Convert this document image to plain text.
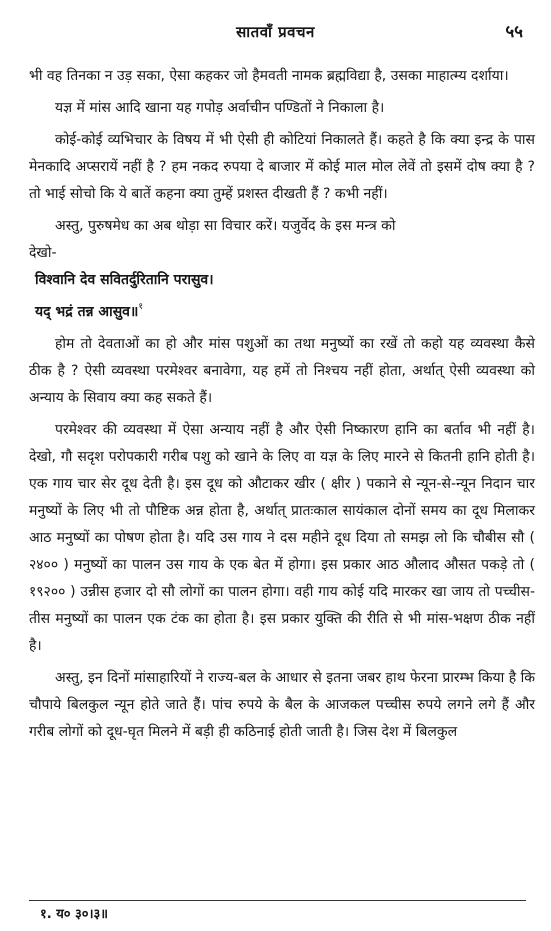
सातवाँ प्रवचन	५५

भी वह तिनका न उड़ सका, ऐसा कहकर जो हैमवती नामक ब्रह्मविद्या है, उसका माहात्म्य दर्शाया।

यज्ञ में मांस आदि खाना यह गपोड़ अर्वाचीन पण्डितों ने निकाला है।

कोई-कोई व्यभिचार के विषय में भी ऐसी ही कोटियां निकालते हैं। कहते है कि क्या इन्द्र के पास मेनकादि अप्सरायें नहीं है ? हम नकद रुपया दे बाजार में कोई माल मोल लेवें तो इसमें दोष क्या है ? तो भाई सोचो कि ये बातें कहना क्या तुम्हें प्रशस्त दीखती हैं ? कभी नहीं।

अस्तु, पुरुषमेध का अब थोड़ा सा विचार करें। यजुर्वेद के इस मन्त्र को

देखो-

विश्वानि देव सवितर्दुरितानि परासुव।

यद् भद्रं तन्न आसुव॥$^१$

होम तो देवताओं का हो और मांस पशुओं का तथा मनुष्यों का रखें तो कहो यह व्यवस्था कैसे ठीक है ? ऐसी व्यवस्था परमेश्वर बनावेगा, यह हमें तो निश्चय नहीं होता, अर्थात् ऐसी व्यवस्था को अन्याय के सिवाय क्या कह सकते हैं।

परमेश्वर की व्यवस्था में ऐसा अन्याय नहीं है और ऐसी निष्कारण हानि का बर्ताव भी नहीं है। देखो, गौ सदृश परोपकारी गरीब पशु को खाने के लिए वा यज्ञ के लिए मारने से कितनी हानि होती है। एक गाय चार सेर दूध देती है। इस दूध को औटाकर खीर ( क्षीर ) पकाने से न्यून-से-न्यून निदान चार मनुष्यों के लिए भी तो पौष्टिक अन्न होता है, अर्थात् प्रातःकाल सायंकाल दोनों समय का दूध मिलाकर आठ मनुष्यों का पोषण होता है। यदि उस गाय ने दस महीने दूध दिया तो समझ लो कि चौबीस सौ ( २४०० ) मनुष्यों का पालन उस गाय के एक बेत में होगा। इस प्रकार आठ औलाद औसत पकड़े तो ( १९२०० ) उन्नीस हजार दो सौ लोगों का पालन होगा। वही गाय कोई यदि मारकर खा जाय तो पच्चीस-तीस मनुष्यों का पालन एक टंक का होता है। इस प्रकार युक्ति की रीति से भी मांस-भक्षण ठीक नहीं है।

अस्तु, इन दिनों मांसाहारियों ने राज्य-बल के आधार से इतना जबर हाथ फेरना प्रारम्भ किया है कि चौपाये बिलकुल न्यून होते जाते हैं। पांच रुपये के बैल के आजकल पच्चीस रुपये लगने लगे हैं और गरीब लोगों को दूध-घृत मिलने में बड़ी ही कठिनाई होती जाती है। जिस देश में बिलकुल

१. य० ३०।३॥
